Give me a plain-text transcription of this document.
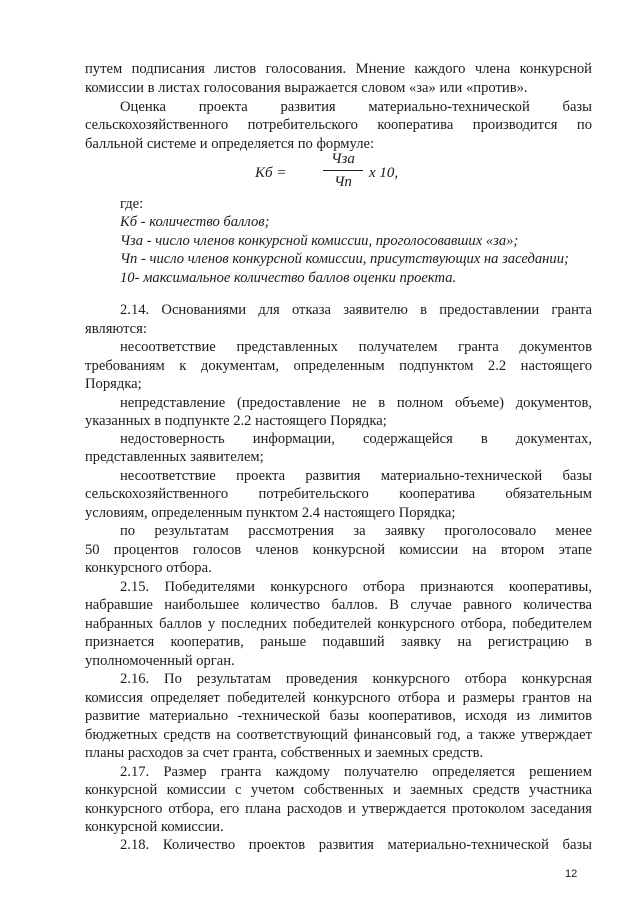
путем подписания листов голосования. Мнение каждого члена конкурсной
комиссии в листах голосования выражается словом «за» или «против».
Оценка проекта развития материально-технической базы
сельскохозяйственного потребительского кооператива производится по
балльной системе и определяется по формуле:
Кб =
Чза
Чп
х 10,
где:
Кб - количество баллов;
Чза - число членов конкурсной комиссии, проголосовавших «за»;
Чп - число членов конкурсной комиссии, присутствующих на заседании;
10- максимальное количество баллов оценки проекта.
2.14. Основаниями для отказа заявителю в предоставлении гранта
являются:
несоответствие представленных получателем гранта документов
требованиям к документам, определенным подпунктом 2.2 настоящего
Порядка;
непредставление (предоставление не в полном объеме) документов,
указанных в подпункте 2.2 настоящего Порядка;
недостоверность информации, содержащейся в документах,
представленных заявителем;
несоответствие проекта развития материально-технической базы
сельскохозяйственного потребительского кооператива обязательным
условиям, определенным пунктом 2.4 настоящего Порядка;
по результатам рассмотрения за заявку проголосовало менее
50 процентов голосов членов конкурсной комиссии на втором этапе
конкурсного отбора.
2.15. Победителями конкурсного отбора признаются кооперативы,
набравшие наибольшее количество баллов. В случае равного количества
набранных баллов у последних победителей конкурсного отбора, победителем
признается кооператив, раньше подавший заявку на регистрацию в
уполномоченный орган.
2.16. По результатам проведения конкурсного отбора конкурсная
комиссия определяет победителей конкурсного отбора и размеры грантов на
развитие материально -технической базы кооперативов, исходя из лимитов
бюджетных средств на соответствующий финансовый год, а также утверждает
планы расходов за счет гранта, собственных и заемных средств.
2.17. Размер гранта каждому получателю определяется решением
конкурсной комиссии с учетом собственных и заемных средств участника
конкурсного отбора, его плана расходов и утверждается протоколом заседания
конкурсной комиссии.
2.18. Количество проектов развития материально-технической базы
12
